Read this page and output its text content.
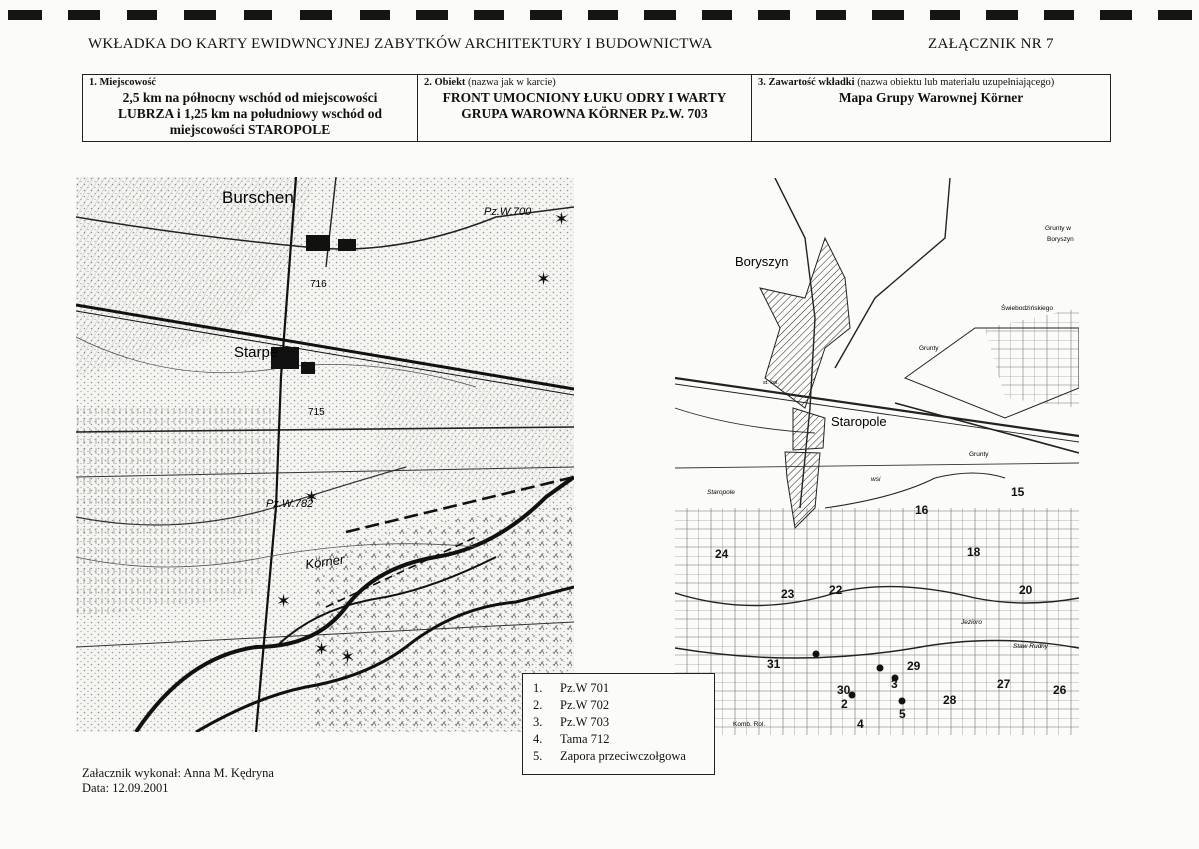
WKŁADKA DO KARTY EWIDWNCYJNEJ ZABYTKÓW ARCHITEKTURY I BUDOWNICTWA	ZAŁĄCZNIK NR 7
1. Miejscowość
2,5 km na północny wschód od miejscowości
LUBRZA i 1,25 km na południowy wschód od
miejscowości STAROPOLE
2. Obiekt (nazwa jak w karcie)
FRONT UMOCNIONY ŁUKU ODRY I WARTY
GRUPA WAROWNA KÖRNER Pz.W. 703
3. Zawartość wkładki (nazwa obiektu lub materiału uzupełniającego)
Mapa Grupy Warownej Körner
✶
✶
✶
✶
✶
✶
Burschen
Starpe
Körner
Pz.W.700
Pz.W.782
716
715
Boryszyn
Staropole
Grunty w
Boryszyn
Świebodzińskiego
Grunty
Grunty
st. kol.
Staropole
Jezioro
Staw Rudny
Komb. Rol.
wsi
15
16
18
20
22
23
24
26
27
28
29
30
31
2
3
4
5
1.	Pz.W 701
2.	Pz.W 702
3.	Pz.W 703
4.	Tama 712
5.	Zapora przeciwczołgowa
Załacznik wykonał: Anna M. Kędryna
Data: 12.09.2001
